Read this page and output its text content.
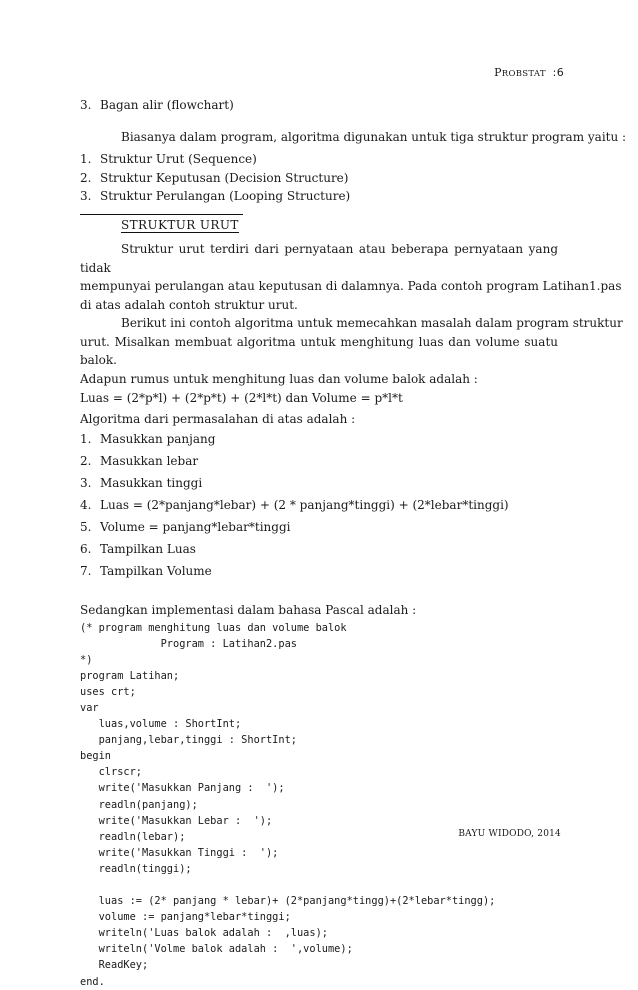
PROBSTAT :6
3. Bagan alir (flowchart)
Biasanya dalam program, algoritma digunakan untuk tiga struktur program yaitu :
1. Struktur Urut (Sequence)
2. Struktur Keputusan (Decision Structure)
3. Struktur Perulangan (Looping Structure)
STRUKTUR URUT
Struktur urut terdiri dari pernyataan atau beberapa pernyataan yang tidak
mempunyai perulangan atau keputusan di dalamnya. Pada contoh program Latihan1.pas
di atas adalah contoh struktur urut.
Berikut ini contoh algoritma untuk memecahkan masalah dalam program struktur
urut. Misalkan membuat algoritma untuk menghitung luas dan volume suatu balok.
Adapun rumus untuk menghitung luas dan volume balok adalah :
Luas = (2*p*l) + (2*p*t) + (2*l*t) dan Volume = p*l*t
Algoritma dari permasalahan di atas adalah :
1. Masukkan panjang
2. Masukkan lebar
3. Masukkan tinggi
4. Luas = (2*panjang*lebar) + (2 * panjang*tinggi) + (2*lebar*tinggi)
5. Volume = panjang*lebar*tinggi
6. Tampilkan Luas
7. Tampilkan Volume
Sedangkan implementasi dalam bahasa Pascal adalah :
(* program menghitung luas dan volume balok
Program : Latihan2.pas
*)
program Latihan;
uses crt;
var
luas,volume : ShortInt;
panjang,lebar,tinggi : ShortInt;
begin
clrscr;
write('Masukkan Panjang :  ');
readln(panjang);
write('Masukkan Lebar :  ');
readln(lebar);
write('Masukkan Tinggi :  ');
readln(tinggi);

luas := (2* panjang * lebar)+ (2*panjang*tingg)+(2*lebar*tingg);
volume := panjang*lebar*tinggi;
writeln('Luas balok adalah :  ,luas);
writeln('Volme balok adalah :  ',volume);
ReadKey;
end.
BAYU WIDODO, 2014
